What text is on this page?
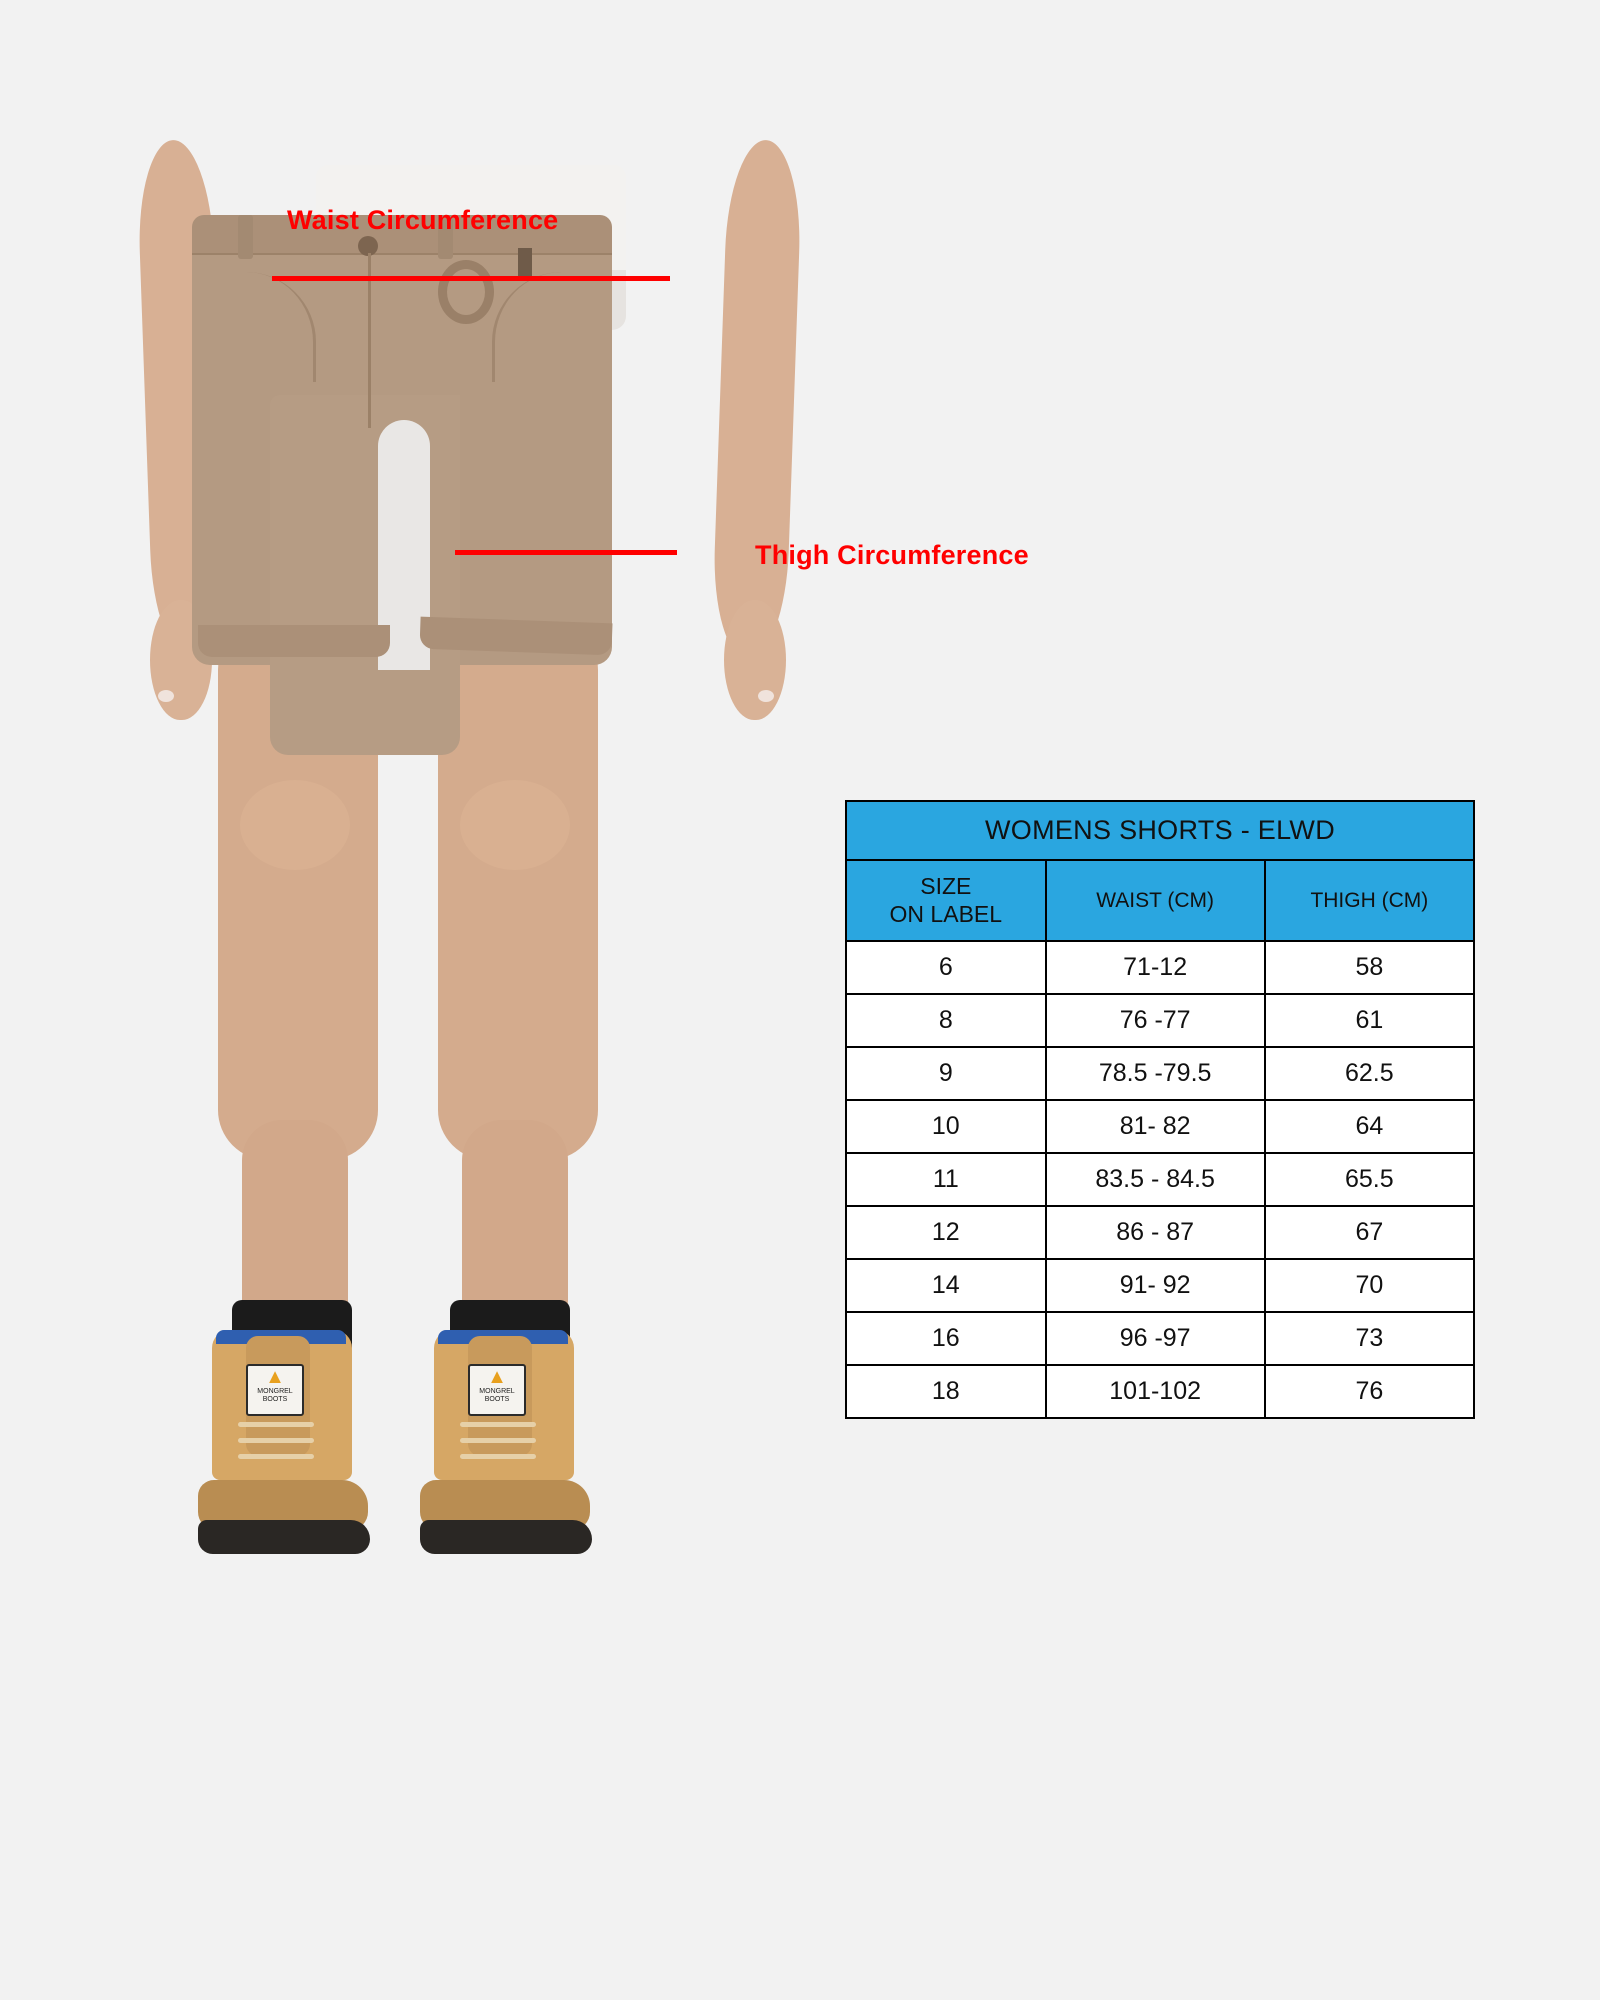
▲
MONGREL
BOOTS
▲
MONGREL
BOOTS
Waist Circumference
Thigh Circumference
WOMENS SHORTS - ELWD		

SIZE
ON LABEL	WAIST (CM)	THIGH (CM)
6	71-12	58
8	76 -77	61
9	78.5 -79.5	62.5
10	81- 82	64
11	83.5 - 84.5	65.5
12	86 - 87	67
14	91- 92	70
16	96 -97	73
18	101-102	76
